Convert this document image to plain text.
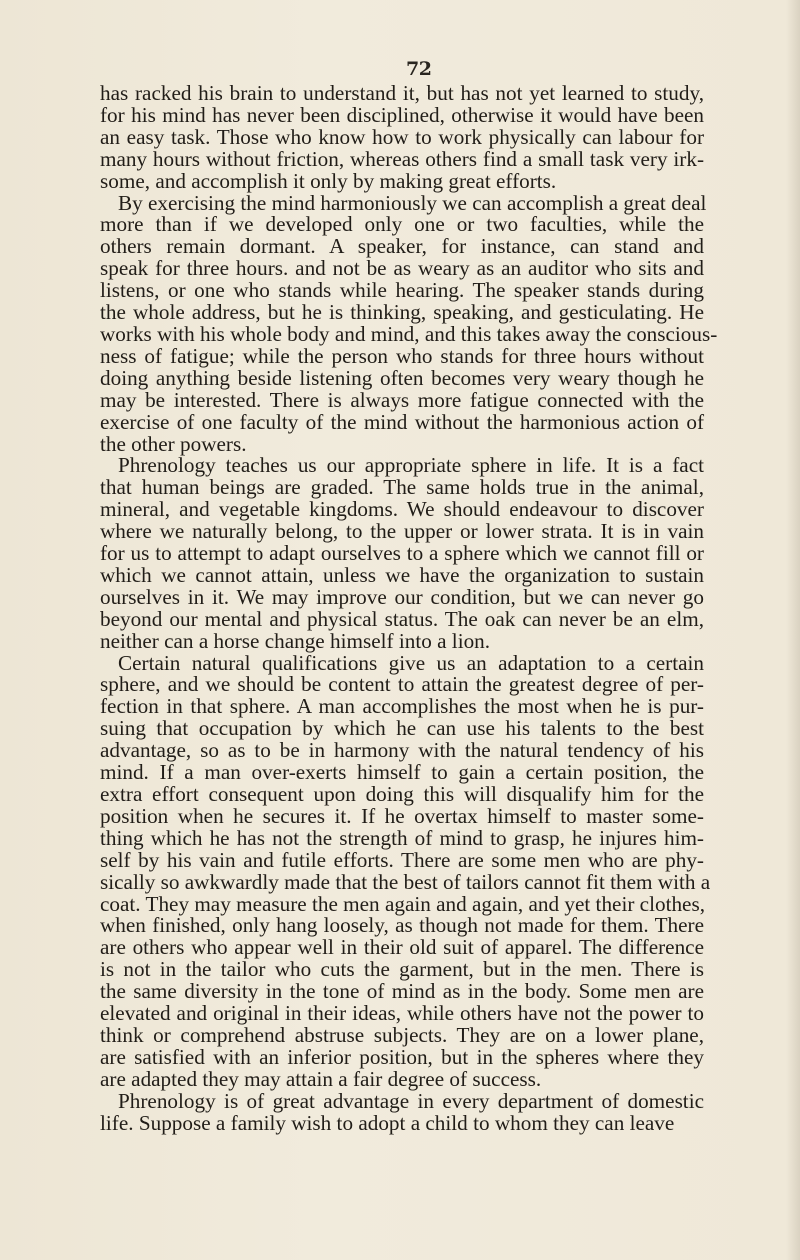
72
has racked his brain to understand it, but has not yet learned to study,
for his mind has never been disciplined, otherwise it would have been
an easy task. Those who know how to work physically can labour for
many hours without friction, whereas others find a small task very irk-
some, and accomplish it only by making great efforts.
By exercising the mind harmoniously we can accomplish a great deal
more than if we developed only one or two faculties, while the
others remain dormant. A speaker, for instance, can stand and
speak for three hours. and not be as weary as an auditor who sits and
listens, or one who stands while hearing. The speaker stands during
the whole address, but he is thinking, speaking, and gesticulating. He
works with his whole body and mind, and this takes away the conscious-
ness of fatigue; while the person who stands for three hours without
doing anything beside listening often becomes very weary though he
may be interested. There is always more fatigue connected with the
exercise of one faculty of the mind without the harmonious action of
the other powers.
Phrenology teaches us our appropriate sphere in life. It is a fact
that human beings are graded. The same holds true in the animal,
mineral, and vegetable kingdoms. We should endeavour to discover
where we naturally belong, to the upper or lower strata. It is in vain
for us to attempt to adapt ourselves to a sphere which we cannot fill or
which we cannot attain, unless we have the organization to sustain
ourselves in it. We may improve our condition, but we can never go
beyond our mental and physical status. The oak can never be an elm,
neither can a horse change himself into a lion.
Certain natural qualifications give us an adaptation to a certain
sphere, and we should be content to attain the greatest degree of per-
fection in that sphere. A man accomplishes the most when he is pur-
suing that occupation by which he can use his talents to the best
advantage, so as to be in harmony with the natural tendency of his
mind. If a man over-exerts himself to gain a certain position, the
extra effort consequent upon doing this will disqualify him for the
position when he secures it. If he overtax himself to master some-
thing which he has not the strength of mind to grasp, he injures him-
self by his vain and futile efforts. There are some men who are phy-
sically so awkwardly made that the best of tailors cannot fit them with a
coat. They may measure the men again and again, and yet their clothes,
when finished, only hang loosely, as though not made for them. There
are others who appear well in their old suit of apparel. The difference
is not in the tailor who cuts the garment, but in the men. There is
the same diversity in the tone of mind as in the body. Some men are
elevated and original in their ideas, while others have not the power to
think or comprehend abstruse subjects. They are on a lower plane,
are satisfied with an inferior position, but in the spheres where they
are adapted they may attain a fair degree of success.
Phrenology is of great advantage in every department of domestic
life. Suppose a family wish to adopt a child to whom they can leave
